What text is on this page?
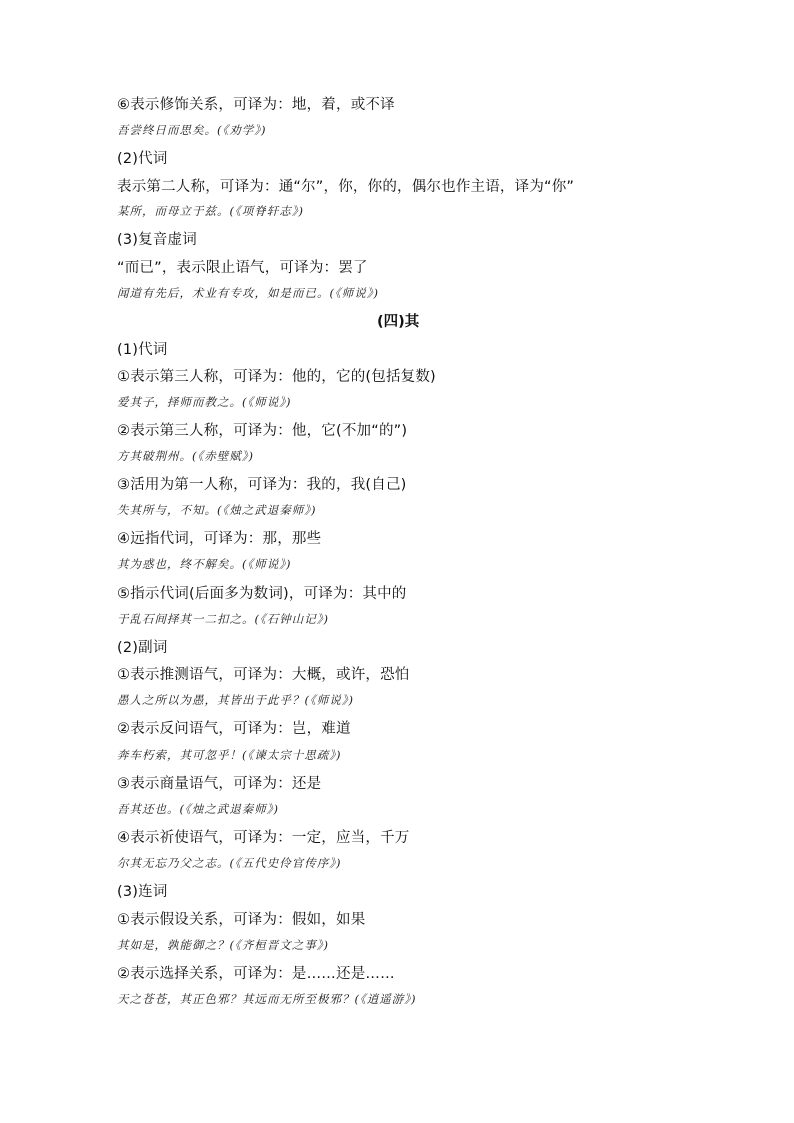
⑥表示修饰关系，可译为：地，着，或不译
吾尝终日而思矣。(《劝学》)
(2)代词
表示第二人称，可译为：通“尔”，你，你的，偶尔也作主语，译为“你”
某所，而母立于兹。(《项脊轩志》)
(3)复音虚词
“而已”，表示限止语气，可译为：罢了
闻道有先后，术业有专攻，如是而已。(《师说》)
(四)其
(1)代词
①表示第三人称，可译为：他的，它的(包括复数)
爱其子，择师而教之。(《师说》)
②表示第三人称，可译为：他，它(不加“的”)
方其破荆州。(《赤壁赋》)
③活用为第一人称，可译为：我的，我(自己)
失其所与，不知。(《烛之武退秦师》)
④远指代词，可译为：那，那些
其为惑也，终不解矣。(《师说》)
⑤指示代词(后面多为数词)，可译为：其中的
于乱石间择其一二扣之。(《石钟山记》)
(2)副词
①表示推测语气，可译为：大概，或许，恐怕
愚人之所以为愚，其皆出于此乎？(《师说》)
②表示反问语气，可译为：岂，难道
奔车朽索，其可忽乎！(《谏太宗十思疏》)
③表示商量语气，可译为：还是
吾其还也。(《烛之武退秦师》)
④表示祈使语气，可译为：一定，应当，千万
尔其无忘乃父之志。(《五代史伶官传序》)
(3)连词
①表示假设关系，可译为：假如，如果
其如是，孰能御之？(《齐桓晋文之事》)
②表示选择关系，可译为：是……还是……
天之苍苍，其正色邪？其远而无所至极邪？(《逍遥游》)
